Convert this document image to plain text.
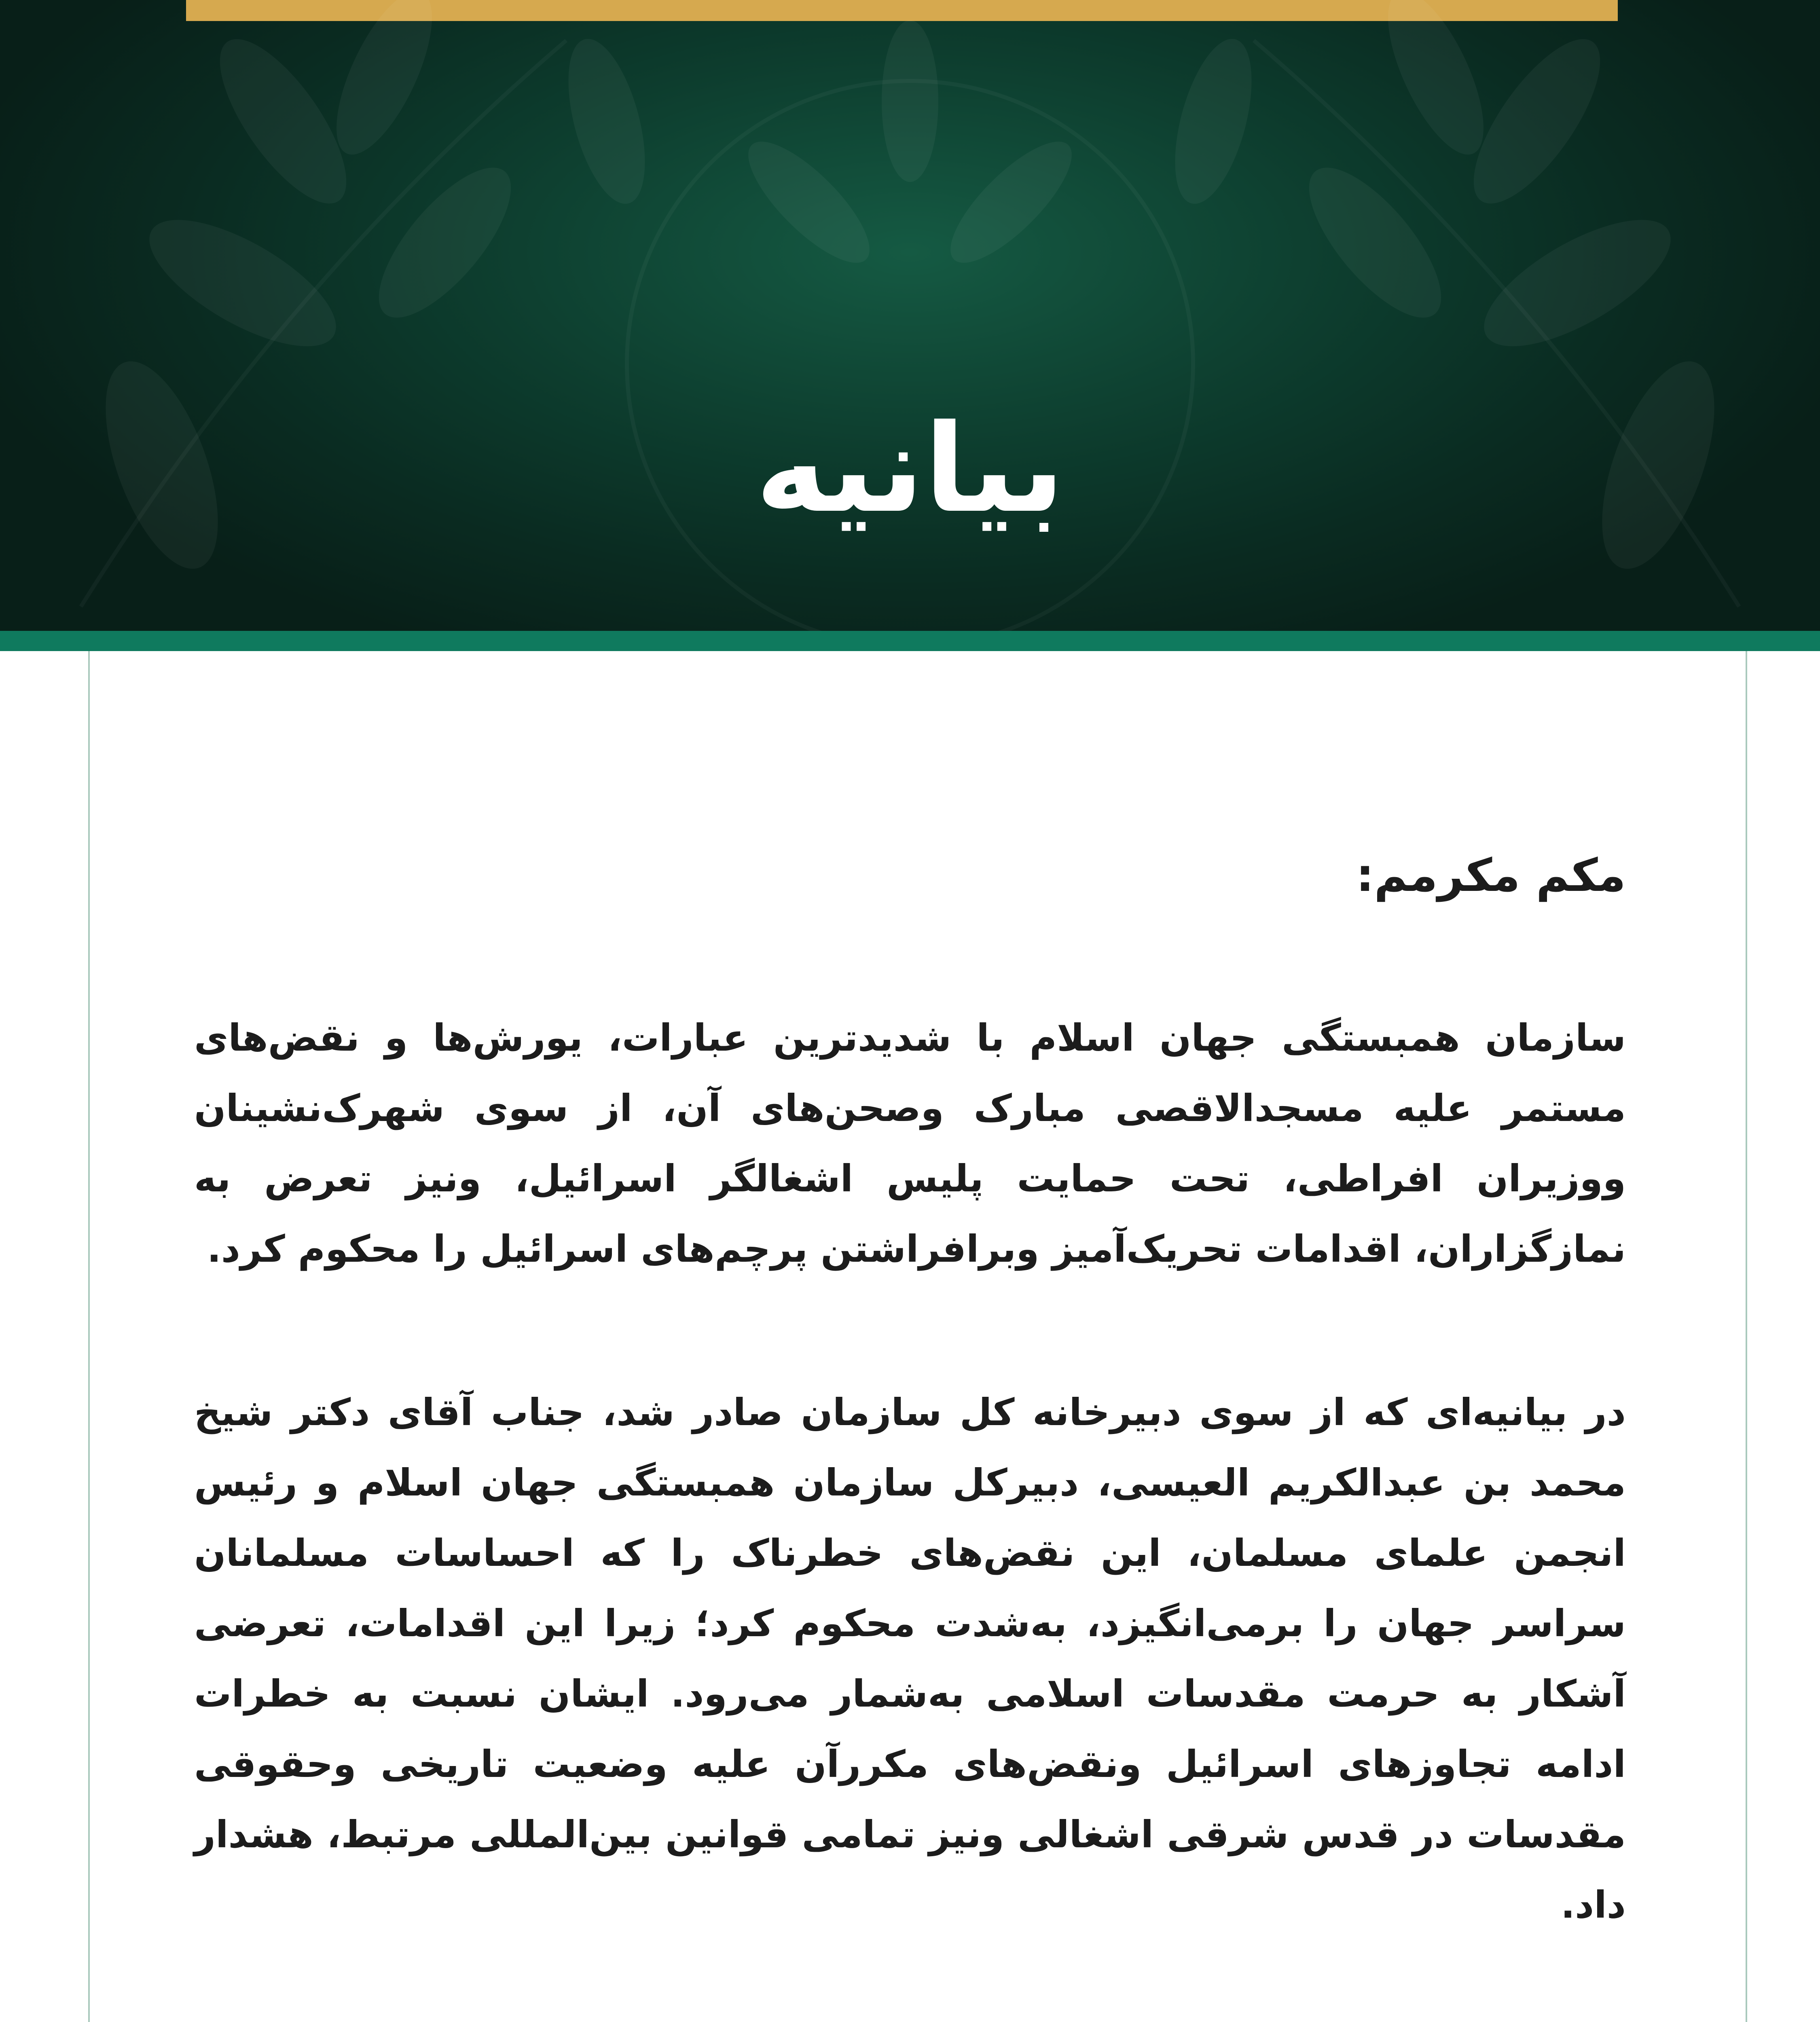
بیانیه
مکم مکرمم:

سازمان همبستگی جهان اسلام با شدیدترین عبارات، یورش‌ها و نقض‌های مستمر علیه مسجدالاقصی مبارک وصحن‌های آن، از سوی شهرک‌نشینان ووزیران افراطی، تحت حمایت پلیس اشغالگر اسرائیل، ونیز تعرض به نمازگزاران، اقدامات تحریک‌آمیز وبرافراشتن پرچم‌های اسرائیل را محکوم کرد.

در بیانیه‌ای که از سوی دبیرخانه کل سازمان صادر شد، جناب آقای دکتر شیخ محمد بن عبدالکریم العیسی، دبیرکل سازمان همبستگی جهان اسلام و رئیس انجمن علمای مسلمان، این نقض‌های خطرناک را که احساسات مسلمانان سراسر جهان را برمی‌انگیزد، به‌شدت محکوم کرد؛ زیرا این اقدامات، تعرضی آشکار به حرمت مقدسات اسلامی به‌شمار می‌رود. ایشان نسبت به خطرات ادامه تجاوزهای اسرائیل ونقض‌های مکررآن علیه وضعیت تاریخی وحقوقی مقدسات در قدس شرقی اشغالی ونیز تمامی قوانین بین‌المللی مرتبط، هشدار داد.
